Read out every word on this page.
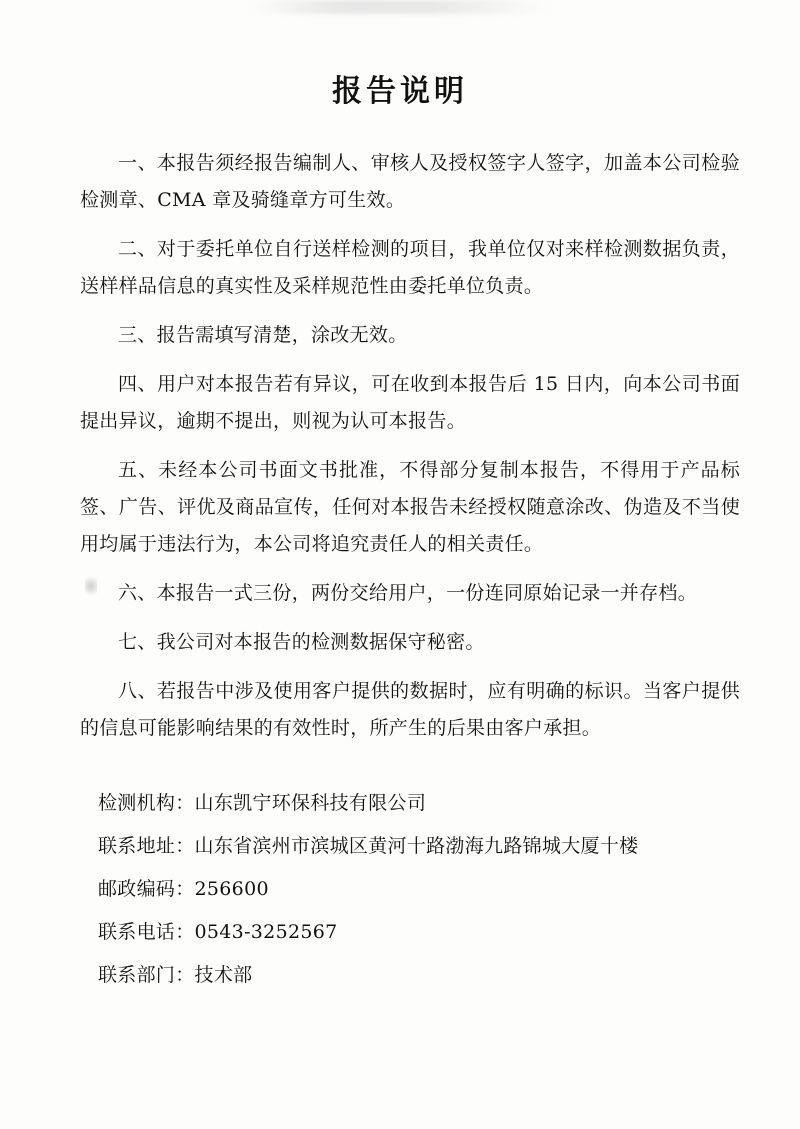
报告说明

一、本报告须经报告编制人、审核人及授权签字人签字，加盖本公司检验检测章、CMA 章及骑缝章方可生效。

二、对于委托单位自行送样检测的项目，我单位仅对来样检测数据负责，送样样品信息的真实性及采样规范性由委托单位负责。

三、报告需填写清楚，涂改无效。

四、用户对本报告若有异议，可在收到本报告后 15 日内，向本公司书面提出异议，逾期不提出，则视为认可本报告。

五、未经本公司书面文书批准，不得部分复制本报告，不得用于产品标签、广告、评优及商品宣传，任何对本报告未经授权随意涂改、伪造及不当使用均属于违法行为，本公司将追究责任人的相关责任。

六、本报告一式三份，两份交给用户，一份连同原始记录一并存档。

七、我公司对本报告的检测数据保守秘密。

八、若报告中涉及使用客户提供的数据时，应有明确的标识。当客户提供的信息可能影响结果的有效性时，所产生的后果由客户承担。

检测机构：山东凯宁环保科技有限公司
联系地址：山东省滨州市滨城区黄河十路渤海九路锦城大厦十楼
邮政编码：256600
联系电话：0543-3252567
联系部门：技术部
